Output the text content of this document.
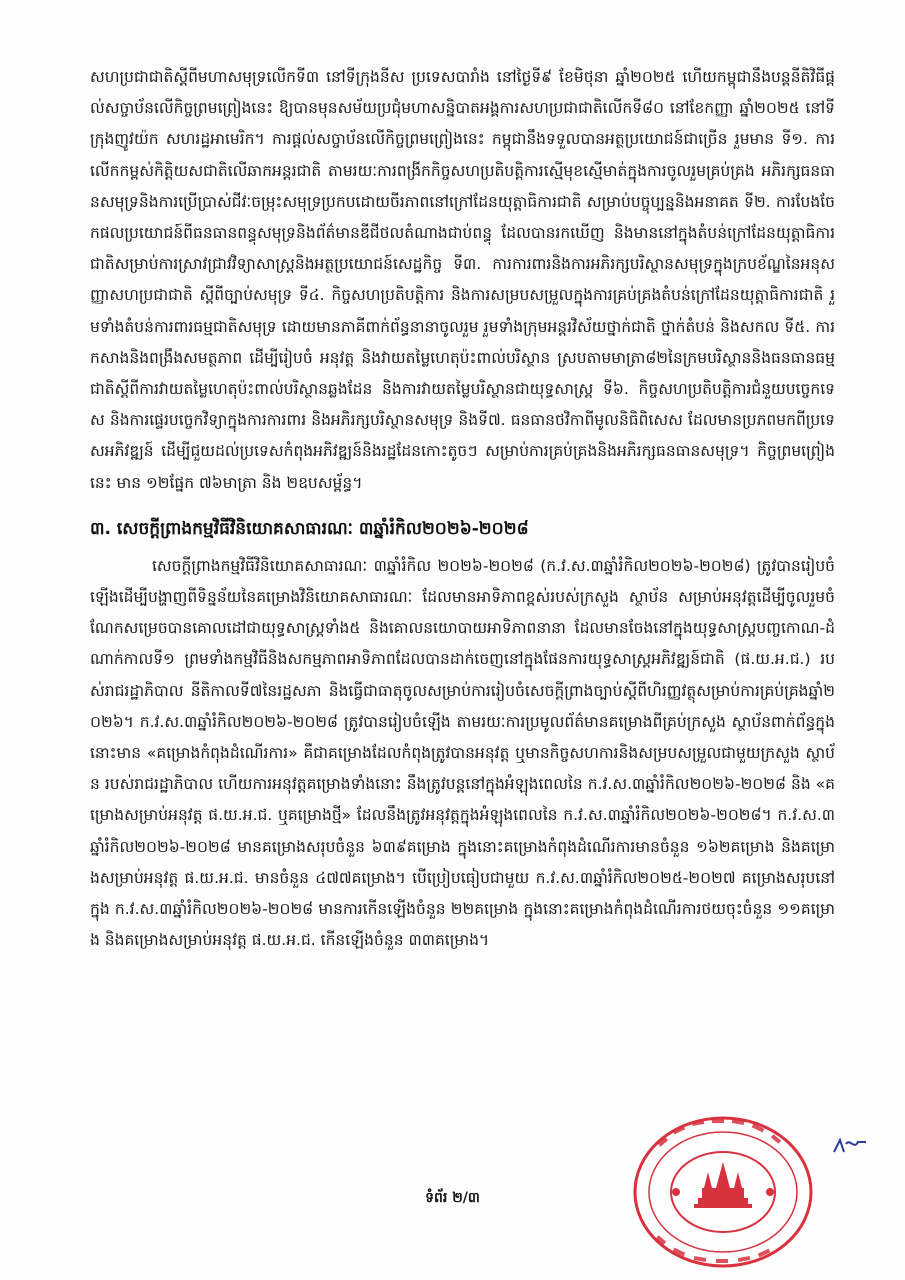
សហប្រជាជាតិស្តីពីមហាសមុទ្រលើកទី៣ នៅទីក្រុងនីស ប្រទេសបារាំង នៅថ្ងៃទី៩ ខែមិថុនា ឆ្នាំ២០២៥ ហើយកម្ពុជានឹងបន្តនីតិវិធីផ្តល់សច្ចាប័នលើកិច្ចព្រមព្រៀងនេះ ឱ្យបានមុនសម័យប្រជុំមហាសន្និបាតអង្គការសហប្រជាជាតិលើកទី៨០ នៅខែកញ្ញា ឆ្នាំ២០២៥ នៅទីក្រុងញូវយ៉ក សហរដ្ឋអាមេរិក។ ការផ្តល់សច្ចាប័នលើកិច្ចព្រមព្រៀងនេះ កម្ពុជានឹងទទួលបានអត្ថប្រយោជន៍ជាច្រើន រួមមាន ទី១. ការលើកកម្ពស់កិត្តិយសជាតិលើឆាកអន្តរជាតិ តាមរយៈការពង្រីកកិច្ចសហប្រតិបត្តិការស្មើមុខស្មើមាត់ក្នុងការចូលរួមគ្រប់គ្រង អភិរក្សធនធានសមុទ្រនិងការប្រើប្រាស់ជីវៈចម្រុះសមុទ្រប្រកបដោយចីរភាពនៅក្រៅដែនយុត្តាធិការជាតិ សម្រាប់បច្ចុប្បន្ននិងអនាគត ទី២. ការបែងចែកផលប្រយោជន៍ពីធនធានពន្ធុសមុទ្រនិងព័ត៌មានឌីជីថលតំណាងជាប់ពន្ធុ ដែលបានរកឃើញ និងមាននៅក្នុងតំបន់ក្រៅដែនយុត្តាធិការជាតិសម្រាប់ការស្រាវជ្រាវវិទ្យាសាស្ត្រនិងអត្ថប្រយោជន៍សេដ្ឋកិច្ច ទី៣. ការការពារនិងការអភិរក្សបរិស្ថានសមុទ្រក្នុងក្របខ័ណ្ឌនៃអនុសញ្ញាសហប្រជាជាតិ ស្តីពីច្បាប់សមុទ្រ ទី៤. កិច្ចសហប្រតិបត្តិការ និងការសម្របសម្រួលក្នុងការគ្រប់គ្រងតំបន់ក្រៅដែនយុត្តាធិការជាតិ រួមទាំងតំបន់ការពារធម្មជាតិសមុទ្រ ដោយមានភាគីពាក់ព័ន្ធនានាចូលរួម រួមទាំងក្រុមអន្តរវិស័យថ្នាក់ជាតិ ថ្នាក់តំបន់ និងសកល ទី៥. ការកសាងនិងពង្រឹងសមត្ថភាព ដើម្បីរៀបចំ អនុវត្ត និងវាយតម្លៃហេតុប៉ះពាល់បរិស្ថាន ស្របតាមមាត្រា៨២នៃក្រមបរិស្ថាននិងធនធានធម្មជាតិស្តីពីការវាយតម្លៃហេតុប៉ះពាល់បរិស្ថានឆ្លងដែន និងការវាយតម្លៃបរិស្ថានជាយុទ្ធសាស្ត្រ ទី៦. កិច្ចសហប្រតិបត្តិការជំនួយបច្ចេកទេស និងការផ្ទេរបច្ចេកវិទ្យាក្នុងការការពារ និងអភិរក្សបរិស្ថានសមុទ្រ និងទី៧. ធនធានថវិកាពីមូលនិធិពិសេស ដែលមានប្រភពមកពីប្រទេសអភិវឌ្ឍន៍ ដើម្បីជួយដល់ប្រទេសកំពុងអភិវឌ្ឍន៍និងរដ្ឋដែនកោះតូចៗ សម្រាប់ការគ្រប់គ្រងនិងអភិរក្សធនធានសមុទ្រ។ កិច្ចព្រមព្រៀងនេះ មាន ១២ផ្នែក ៧៦មាត្រា និង ២ឧបសម្ព័ន្ធ។

៣. សេចក្តីព្រាងកម្មវិធីវិនិយោគសាធារណៈ ៣ឆ្នាំរំកិល២០២៦-២០២៨

សេចក្តីព្រាងកម្មវិធីវិនិយោគសាធារណៈ ៣ឆ្នាំរំកិល ២០២៦-២០២៨ (ក.វ.ស.៣ឆ្នាំរំកិល២០២៦-២០២៨) ត្រូវបានរៀបចំឡើងដើម្បីបង្ហាញពីទិន្នន័យនៃគម្រោងវិនិយោគសាធារណៈ ដែលមានអាទិភាពខ្ពស់របស់ក្រសួង ស្ថាប័ន សម្រាប់អនុវត្តដើម្បីចូលរួមចំណែកសម្រេចបានគោលដៅជាយុទ្ធសាស្ត្រទាំង៥ និងគោលនយោបាយអាទិភាពនានា ដែលមានចែងនៅក្នុងយុទ្ធសាស្ត្របញ្ចកោណ-ដំណាក់កាលទី១ ព្រមទាំងកម្មវិធីនិងសកម្មភាពអាទិភាពដែលបានដាក់ចេញនៅក្នុងផែនការយុទ្ធសាស្ត្រអភិវឌ្ឍន៍ជាតិ (ផ.យ.អ.ជ.) របស់រាជរដ្ឋាភិបាល នីតិកាលទី៧នៃរដ្ឋសភា និងធ្វើជាធាតុចូលសម្រាប់ការរៀបចំសេចក្តីព្រាងច្បាប់ស្តីពីហិរញ្ញវត្ថុសម្រាប់ការគ្រប់គ្រងឆ្នាំ២០២៦។ ក.វ.ស.៣ឆ្នាំរំកិល២០២៦-២០២៨ ត្រូវបានរៀបចំឡើង តាមរយៈការប្រមូលព័ត៌មានគម្រោងពីគ្រប់ក្រសួង ស្ថាប័នពាក់ព័ន្ធក្នុងនោះមាន «គម្រោងកំពុងដំណើរការ» គឺជាគម្រោងដែលកំពុងត្រូវបានអនុវត្ត ឬមានកិច្ចសហការនិងសម្របសម្រួលជាមួយក្រសួង ស្ថាប័ន របស់រាជរដ្ឋាភិបាល ហើយការអនុវត្តគម្រោងទាំងនោះ នឹងត្រូវបន្តនៅក្នុងអំឡុងពេលនៃ ក.វ.ស.៣ឆ្នាំរំកិល២០២៦-២០២៨ និង «គម្រោងសម្រាប់អនុវត្ត ផ.យ.អ.ជ. ឬគម្រោងថ្មី» ដែលនឹងត្រូវអនុវត្តក្នុងអំឡុងពេលនៃ ក.វ.ស.៣ឆ្នាំរំកិល២០២៦-២០២៨។ ក.វ.ស.៣ឆ្នាំរំកិល២០២៦-២០២៨ មានគម្រោងសរុបចំនួន ៦៣៩គម្រោង ក្នុងនោះគម្រោងកំពុងដំណើរការមានចំនួន ១៦២គម្រោង និងគម្រោងសម្រាប់អនុវត្ត ផ.យ.អ.ជ. មានចំនួន ៤៧៧គម្រោង។ បើប្រៀបធៀបជាមួយ ក.វ.ស.៣ឆ្នាំរំកិល២០២៥-២០២៧ គម្រោងសរុបនៅក្នុង ក.វ.ស.៣ឆ្នាំរំកិល២០២៦-២០២៨ មានការកើនឡើងចំនួន ២២គម្រោង ក្នុងនោះគម្រោងកំពុងដំណើរការថយចុះចំនួន ១១គម្រោង និងគម្រោងសម្រាប់អនុវត្ត ផ.យ.អ.ជ. កើនឡើងចំនួន ៣៣គម្រោង។

ទំព័រ ២/៣
